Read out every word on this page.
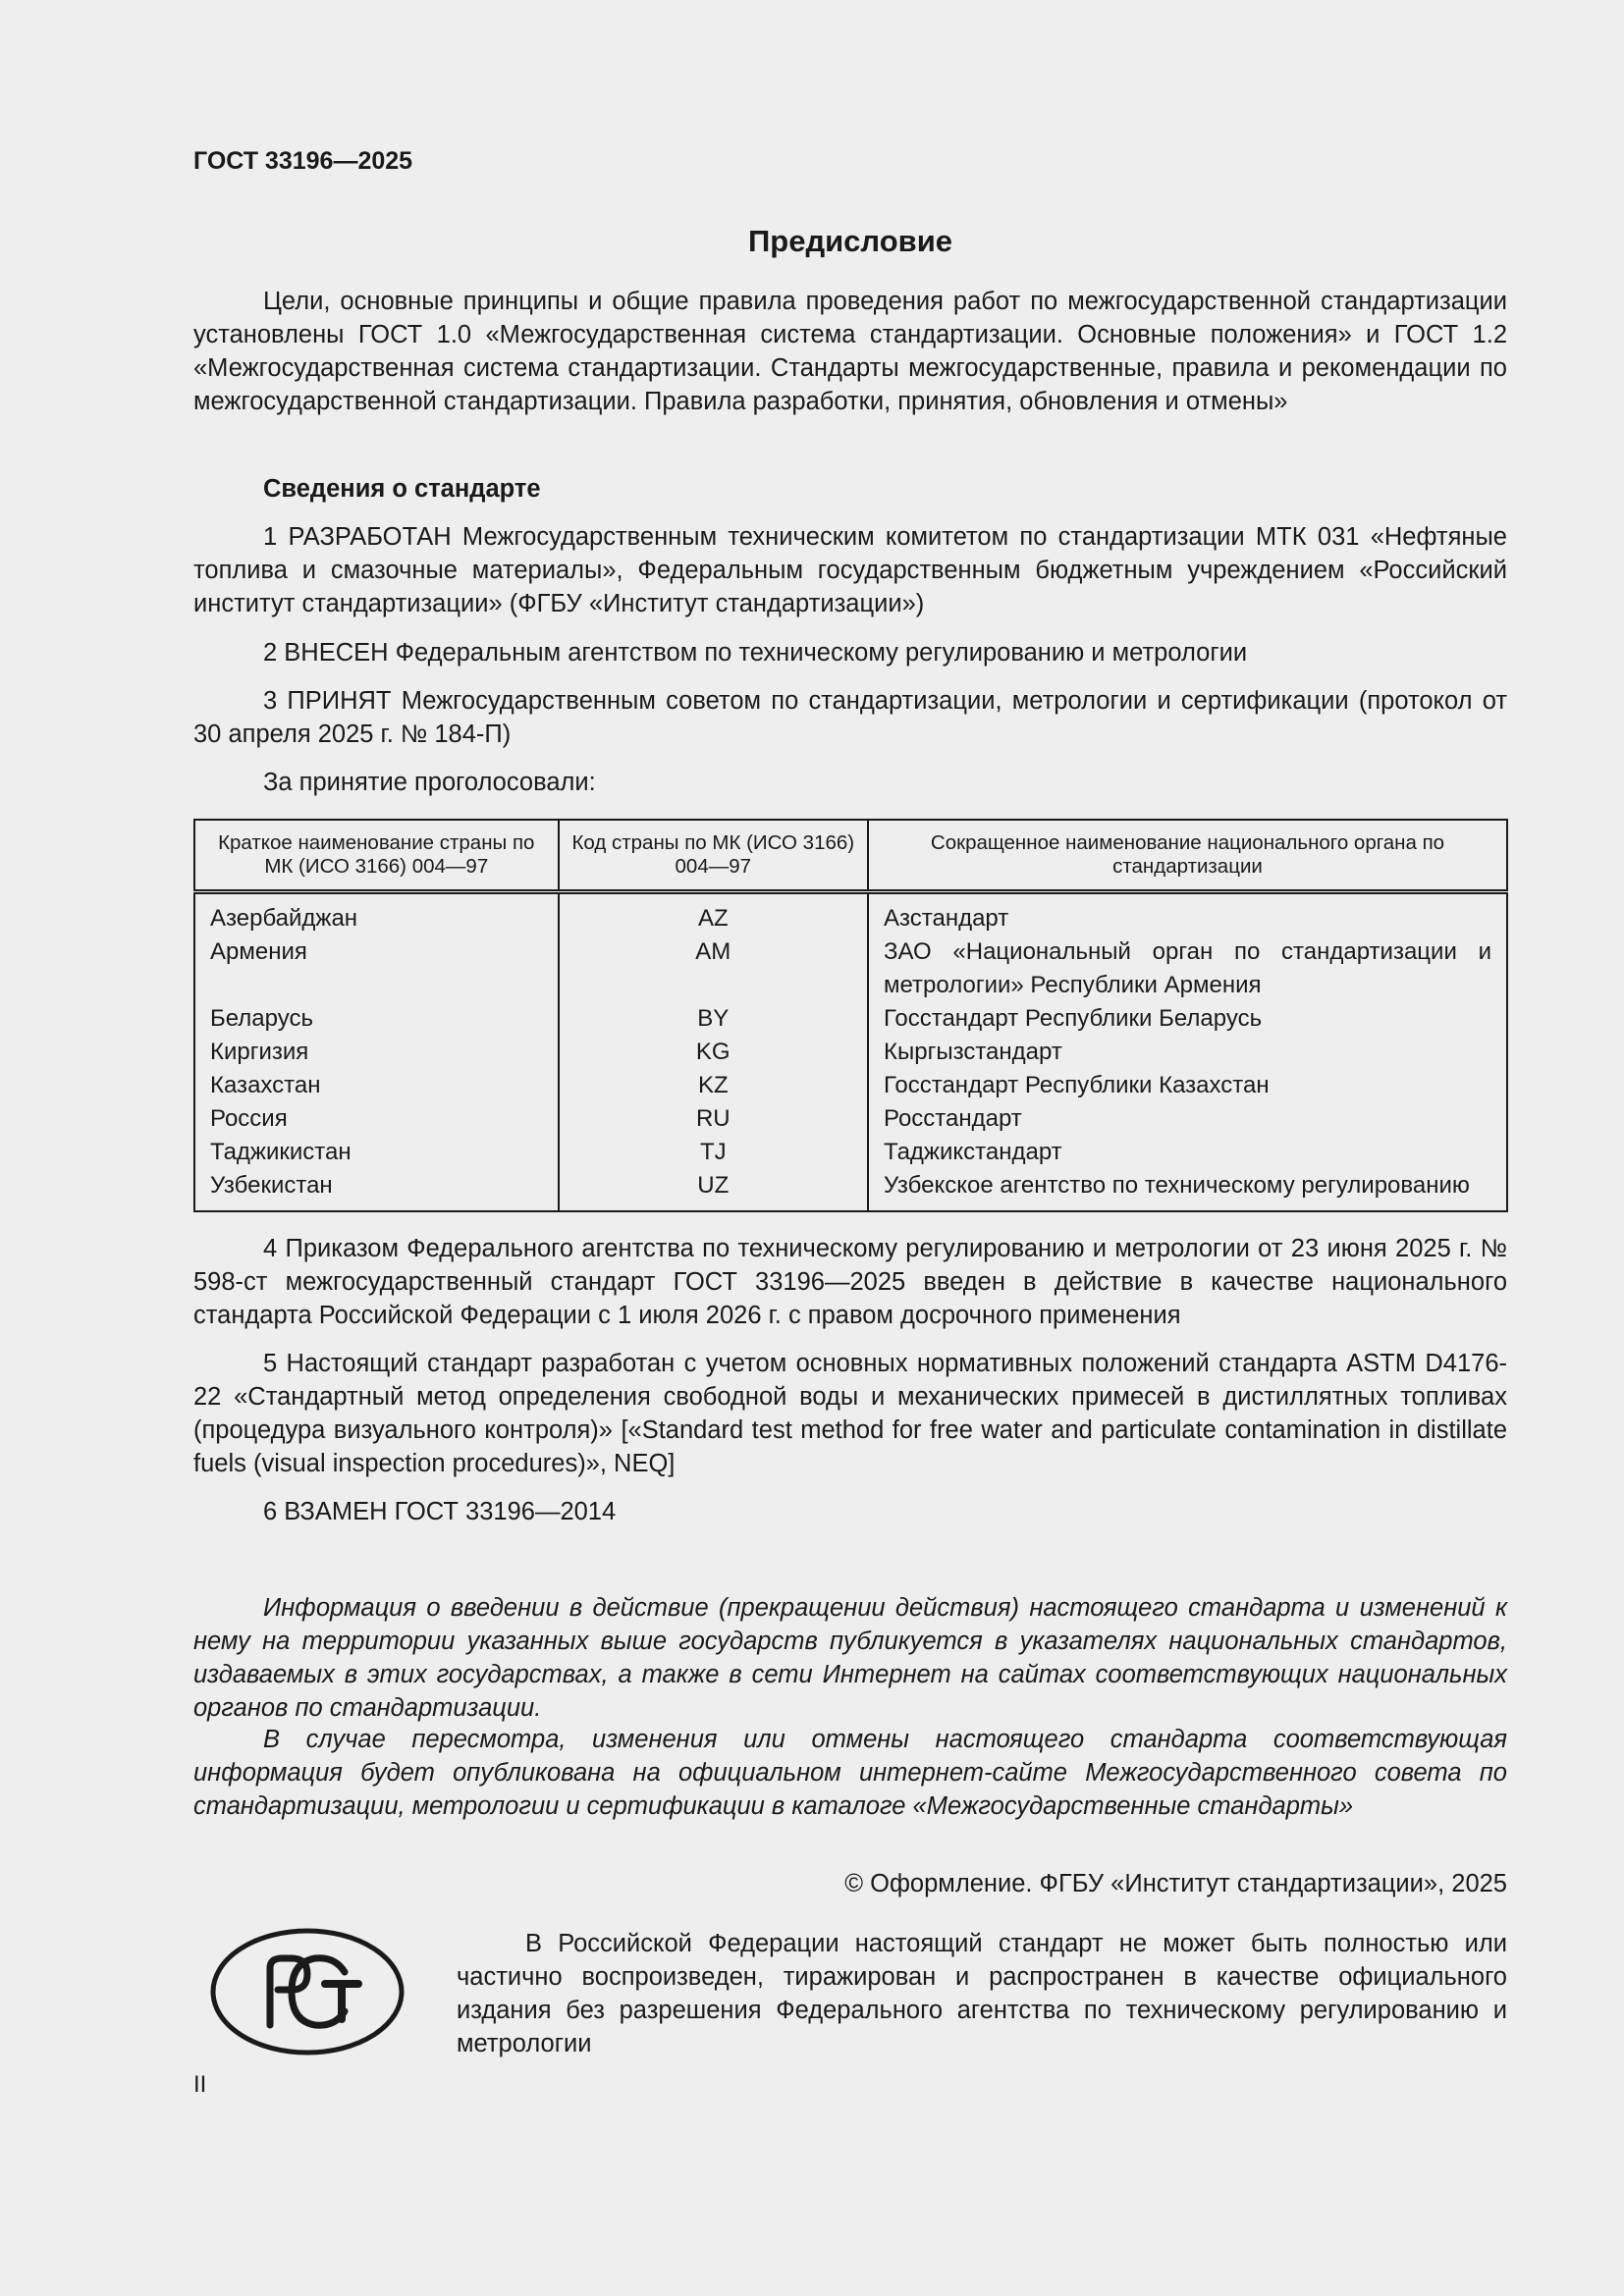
ГОСТ 33196—2025
Предисловие

Цели, основные принципы и общие правила проведения работ по межгосударственной стандартизации установлены ГОСТ 1.0 «Межгосударственная система стандартизации. Основные положения» и ГОСТ 1.2 «Межгосударственная система стандартизации. Стандарты межгосударственные, правила и рекомендации по межгосударственной стандартизации. Правила разработки, принятия, обновления и отмены»

Сведения о стандарте

1 РАЗРАБОТАН Межгосударственным техническим комитетом по стандартизации МТК 031 «Нефтяные топлива и смазочные материалы», Федеральным государственным бюджетным учреждением «Российский институт стандартизации» (ФГБУ «Институт стандартизации»)

2 ВНЕСЕН Федеральным агентством по техническому регулированию и метрологии

3 ПРИНЯТ Межгосударственным советом по стандартизации, метрологии и сертификации (протокол от 30 апреля 2025 г. № 184-П)

За принятие проголосовали:

Краткое наименование страны по МК (ИСО 3166) 004—97	Код страны по МК (ИСО 3166) 004—97	Сокращенное наименование национального органа по стандартизации
Азербайджан	AZ	Азстандарт
Армения	AM	ЗАО «Национальный орган по стандартизации и метрологии» Республики Армения
Беларусь	BY	Госстандарт Республики Беларусь
Киргизия	KG	Кыргызстандарт
Казахстан	KZ	Госстандарт Республики Казахстан
Россия	RU	Росстандарт
Таджикистан	TJ	Таджикстандарт
Узбекистан	UZ	Узбекское агентство по техническому регулированию

4 Приказом Федерального агентства по техническому регулированию и метрологии от 23 июня 2025 г. № 598-ст межгосударственный стандарт ГОСТ 33196—2025 введен в действие в качестве национального стандарта Российской Федерации с 1 июля 2026 г. с правом досрочного применения

5 Настоящий стандарт разработан с учетом основных нормативных положений стандарта ASTM D4176-22 «Стандартный метод определения свободной воды и механических примесей в дистиллятных топливах (процедура визуального контроля)» [«Standard test method for free water and particulate contamination in distillate fuels (visual inspection procedures)», NEQ]

6 ВЗАМЕН ГОСТ 33196—2014

Информация о введении в действие (прекращении действия) настоящего стандарта и изменений к нему на территории указанных выше государств публикуется в указателях национальных стандартов, издаваемых в этих государствах, а также в сети Интернет на сайтах соответствующих национальных органов по стандартизации.

В случае пересмотра, изменения или отмены настоящего стандарта соответствующая информация будет опубликована на официальном интернет-сайте Межгосударственного совета по стандартизации, метрологии и сертификации в каталоге «Межгосударственные стандарты»

© Оформление. ФГБУ «Институт стандартизации», 2025

В Российской Федерации настоящий стандарт не может быть полностью или частично воспроизведен, тиражирован и распространен в качестве официального издания без разрешения Федерального агентства по техническому регулированию и метрологии

II
